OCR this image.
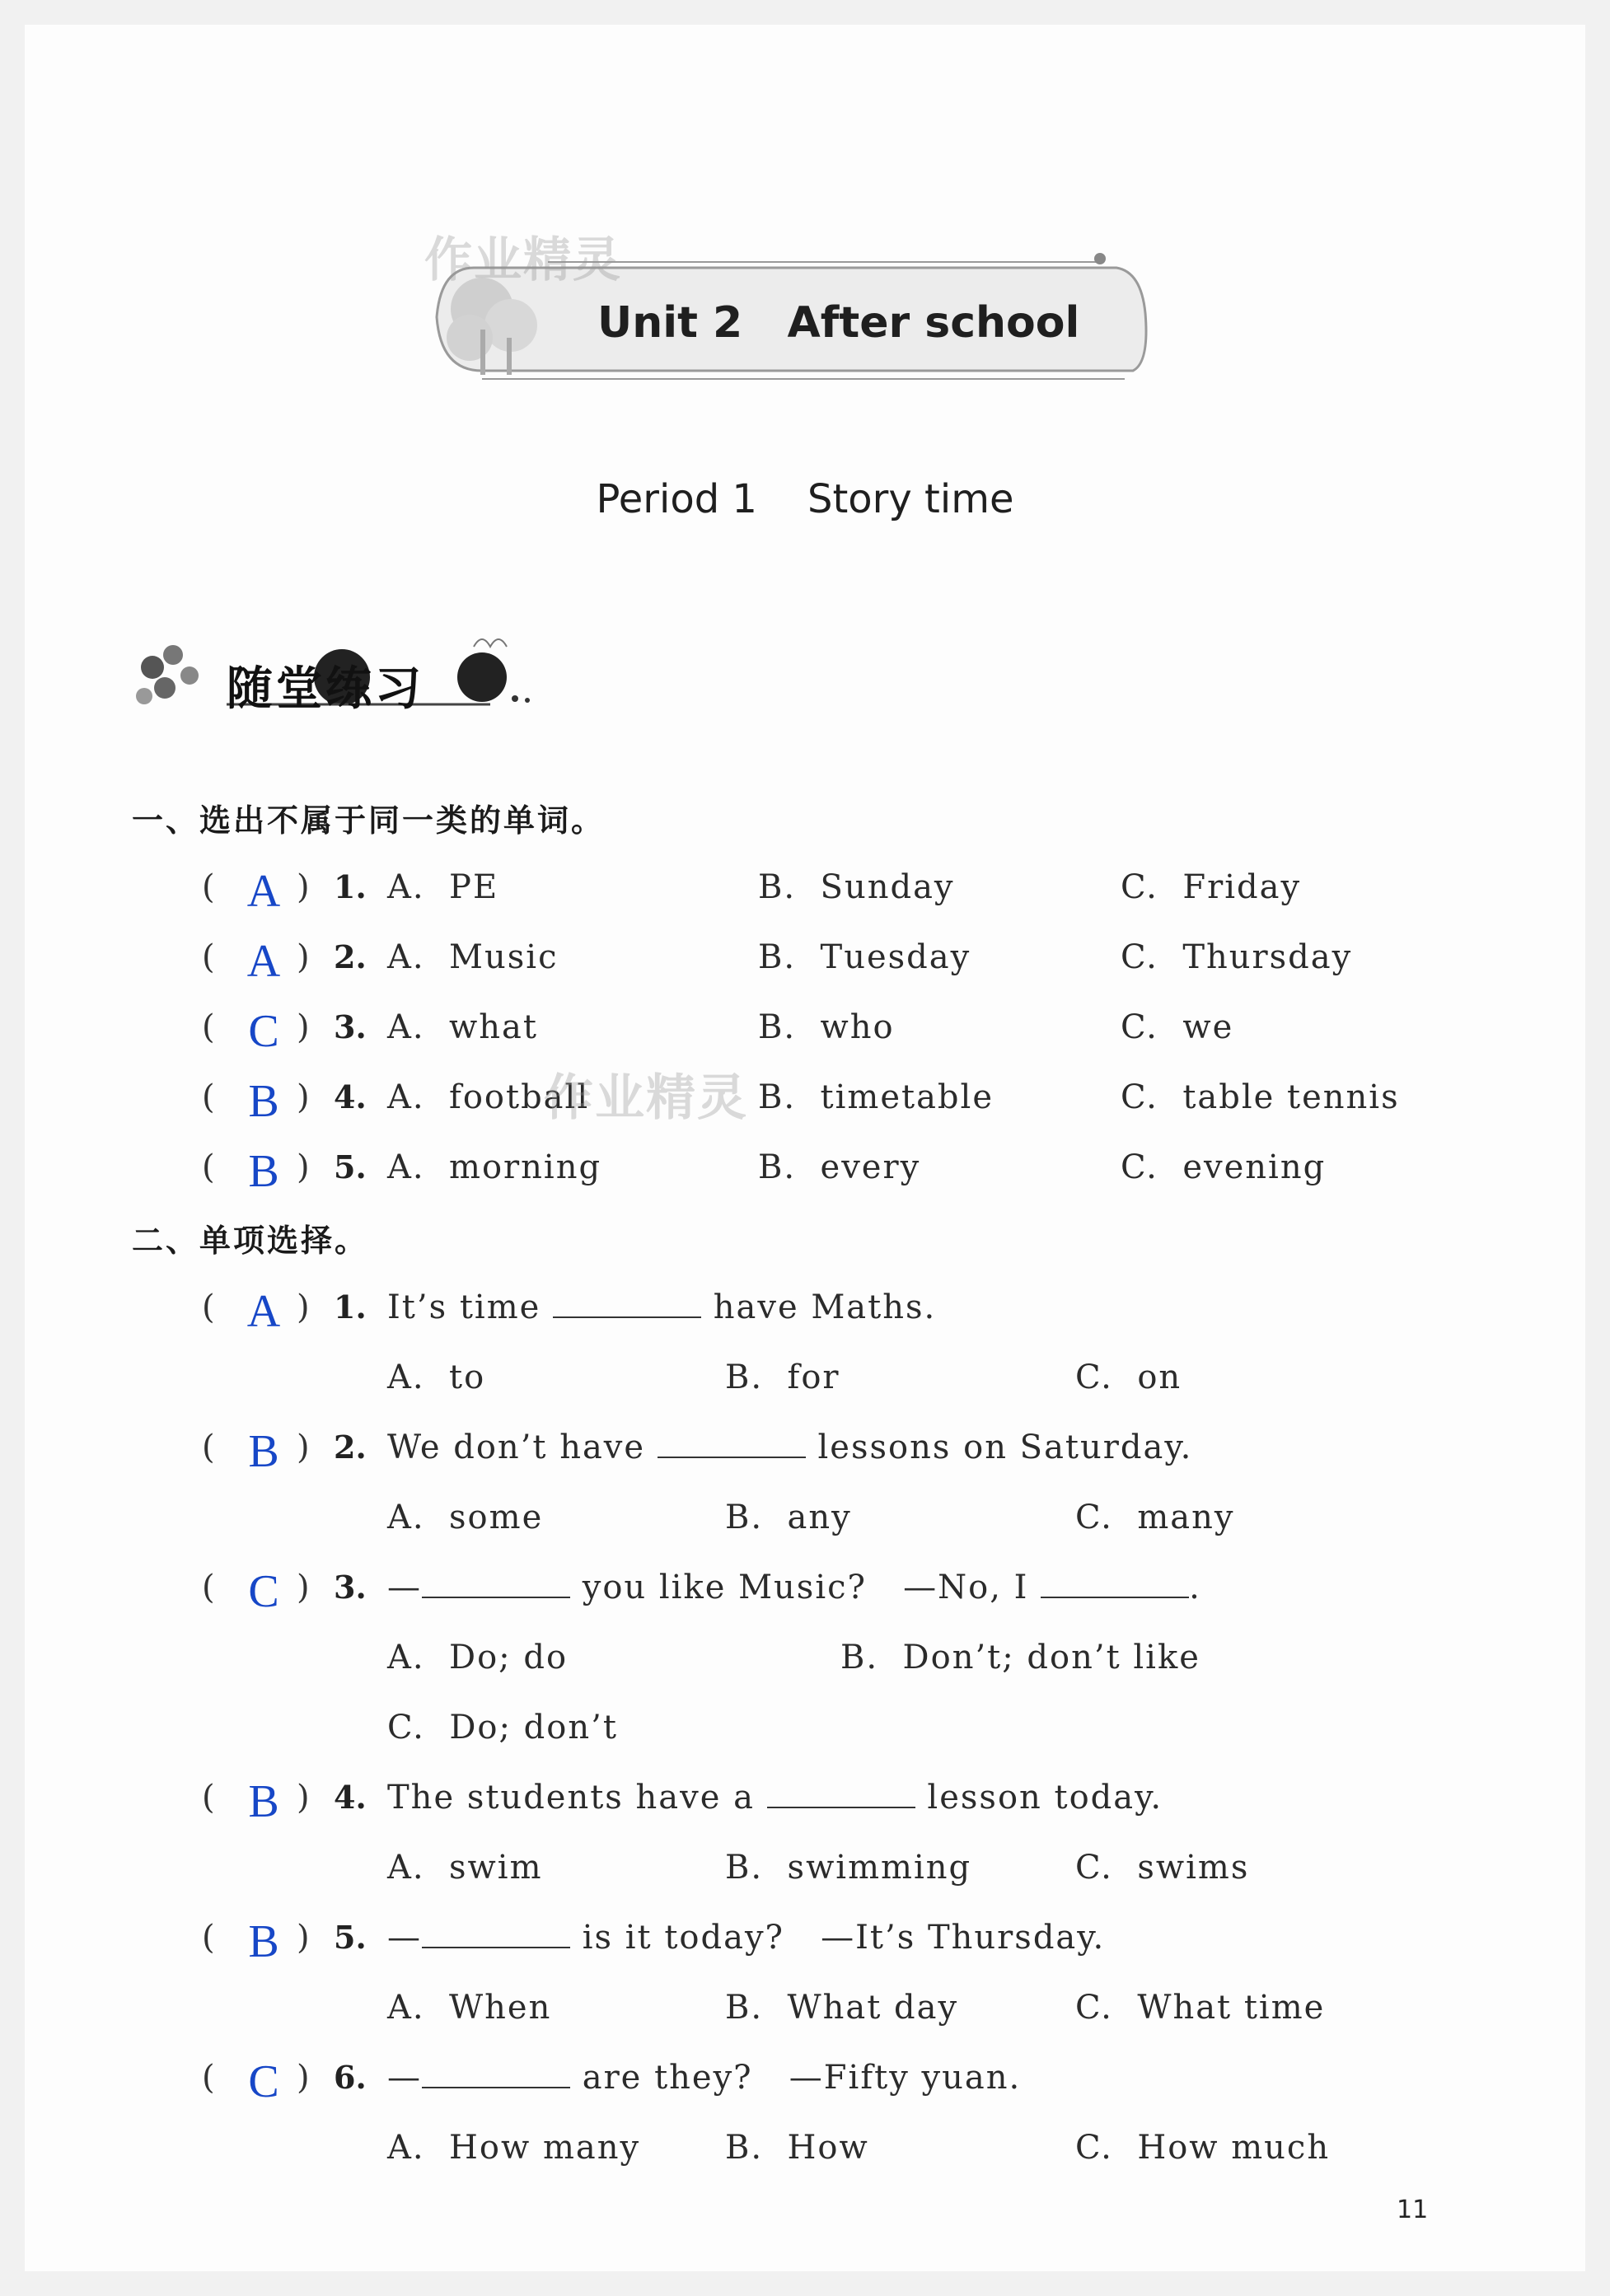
Unit 2   After school
作业精灵
Period 1    Story time
随堂练习
一、选出不属于同一类的单词。
( A ) 1. A.  PE	B.  Sunday	C.  Friday
( A ) 2. A.  Music	B.  Tuesday	C.  Thursday
( C ) 3. A.  what	B.  who	C.  we
( B ) 4. A.  football	B.  timetable	C.  table tennis
作业精灵
( B ) 5. A.  morning	B.  every	C.  evening
二、单项选择。
( A ) 1. It’s time	have Maths.
A.  to	B.  for	C.  on
( B ) 2. We don’t have	lessons on Saturday.
A.  some	B.  any	C.  many
( C ) 3. —	you like Music?   —No, I	.
A.  Do; do	B.  Don’t; don’t like
C.  Do; don’t
( B ) 4. The students have a	lesson today.
A.  swim	B.  swimming	C.  swims
( B ) 5. —	is it today?   —It’s Thursday.
A.  When	B.  What day	C.  What time
( C ) 6. —	are they?   —Fifty yuan.
A.  How many	B.  How	C.  How much
11
